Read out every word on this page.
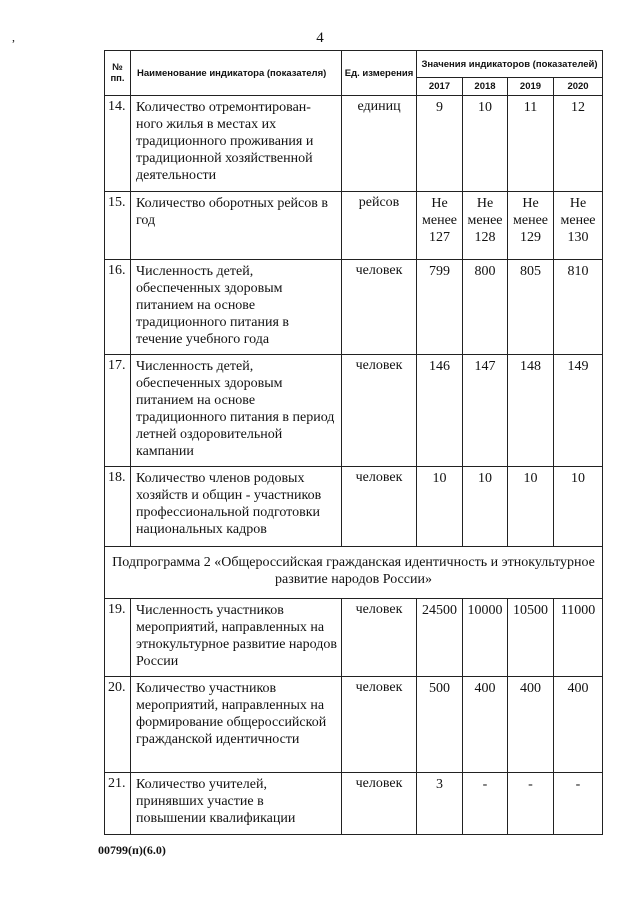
4
,
№ пп.	Наименование индикатора (показателя)	Ед. измерения	Значения индикаторов (показателей)			
			2017	2018	2019	2020
14.	Количество отремонтирован-ного жилья в местах их традиционного проживания и традиционной хозяйственной деятельности	единиц	9	10	11	12
15.	Количество оборотных рейсов в год	рейсов	Не менее 127	Не менее 128	Не менее 129	Не менее 130
16.	Численность детей, обеспеченных здоровым питанием на основе традиционного питания в течение учебного года	человек	799	800	805	810
17.	Численность детей, обеспеченных здоровым питанием на основе традиционного питания в период летней оздоровительной кампании	человек	146	147	148	149
18.	Количество членов родовых хозяйств и общин - участников профессиональной подготовки национальных кадров	человек	10	10	10	10
Подпрограмма 2 «Общероссийская гражданская идентичность и этнокультурное развитие народов России»						
19.	Численность участников мероприятий, направленных на этнокультурное развитие народов России	человек	24500	10000	10500	11000
20.	Количество участников мероприятий, направленных на формирование общероссийской гражданской идентичности	человек	500	400	400	400
21.	Количество учителей, принявших участие в повышении квалификации	человек	3	-	-	-
00799(п)(6.0)
